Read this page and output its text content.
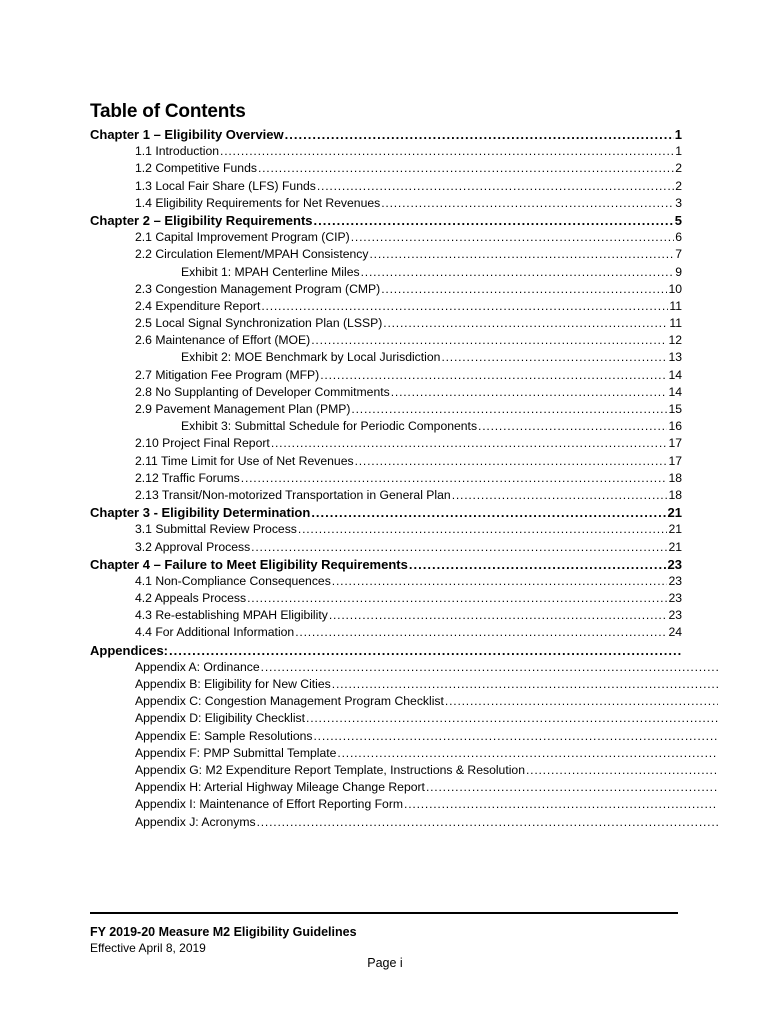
Table of Contents
Chapter 1 – Eligibility Overview . . .	1
1.1 Introduction . . .	1
1.2 Competitive Funds . . .	2
1.3 Local Fair Share (LFS) Funds . . .	2
1.4 Eligibility Requirements for Net Revenues . . .	3
Chapter 2 – Eligibility Requirements . . .	5
2.1 Capital Improvement Program (CIP) . . .	6
2.2 Circulation Element/MPAH Consistency . . .	7
Exhibit 1: MPAH Centerline Miles . . .	9
2.3 Congestion Management Program (CMP) . . .	10
2.4 Expenditure Report . . .	11
2.5 Local Signal Synchronization Plan (LSSP) . . .	11
2.6 Maintenance of Effort (MOE) . . .	12
Exhibit 2: MOE Benchmark by Local Jurisdiction . . .	13
2.7 Mitigation Fee Program (MFP) . . .	14
2.8 No Supplanting of Developer Commitments . . .	14
2.9 Pavement Management Plan (PMP) . . .	15
Exhibit 3: Submittal Schedule for Periodic Components . . .	16
2.10 Project Final Report . . .	17
2.11 Time Limit for Use of Net Revenues . . .	17
2.12 Traffic Forums . . .	18
2.13 Transit/Non-motorized Transportation in General Plan . . .	18
Chapter 3 - Eligibility Determination . . .	21
3.1 Submittal Review Process . . .	21
3.2 Approval Process . . .	21
Chapter 4 – Failure to Meet Eligibility Requirements . . .	23
4.1 Non-Compliance Consequences . . .	23
4.2 Appeals Process . . .	23
4.3 Re-establishing MPAH Eligibility . . .	23
4.4 For Additional Information . . .	24
Appendices:
. . .
Appendix A: Ordinance
. . .
Appendix B: Eligibility for New Cities
. . .
Appendix C: Congestion Management Program Checklist
. . .
Appendix D: Eligibility Checklist
. . .
Appendix E: Sample Resolutions
. . .
Appendix F: PMP Submittal Template
. . .
Appendix G: M2 Expenditure Report Template, Instructions & Resolution
. . .
Appendix H: Arterial Highway Mileage Change Report
. . .
Appendix I: Maintenance of Effort Reporting Form
. . .
Appendix J: Acronyms
. . .
FY 2019-20 Measure M2 Eligibility Guidelines
Effective April 8, 2019
Page i
